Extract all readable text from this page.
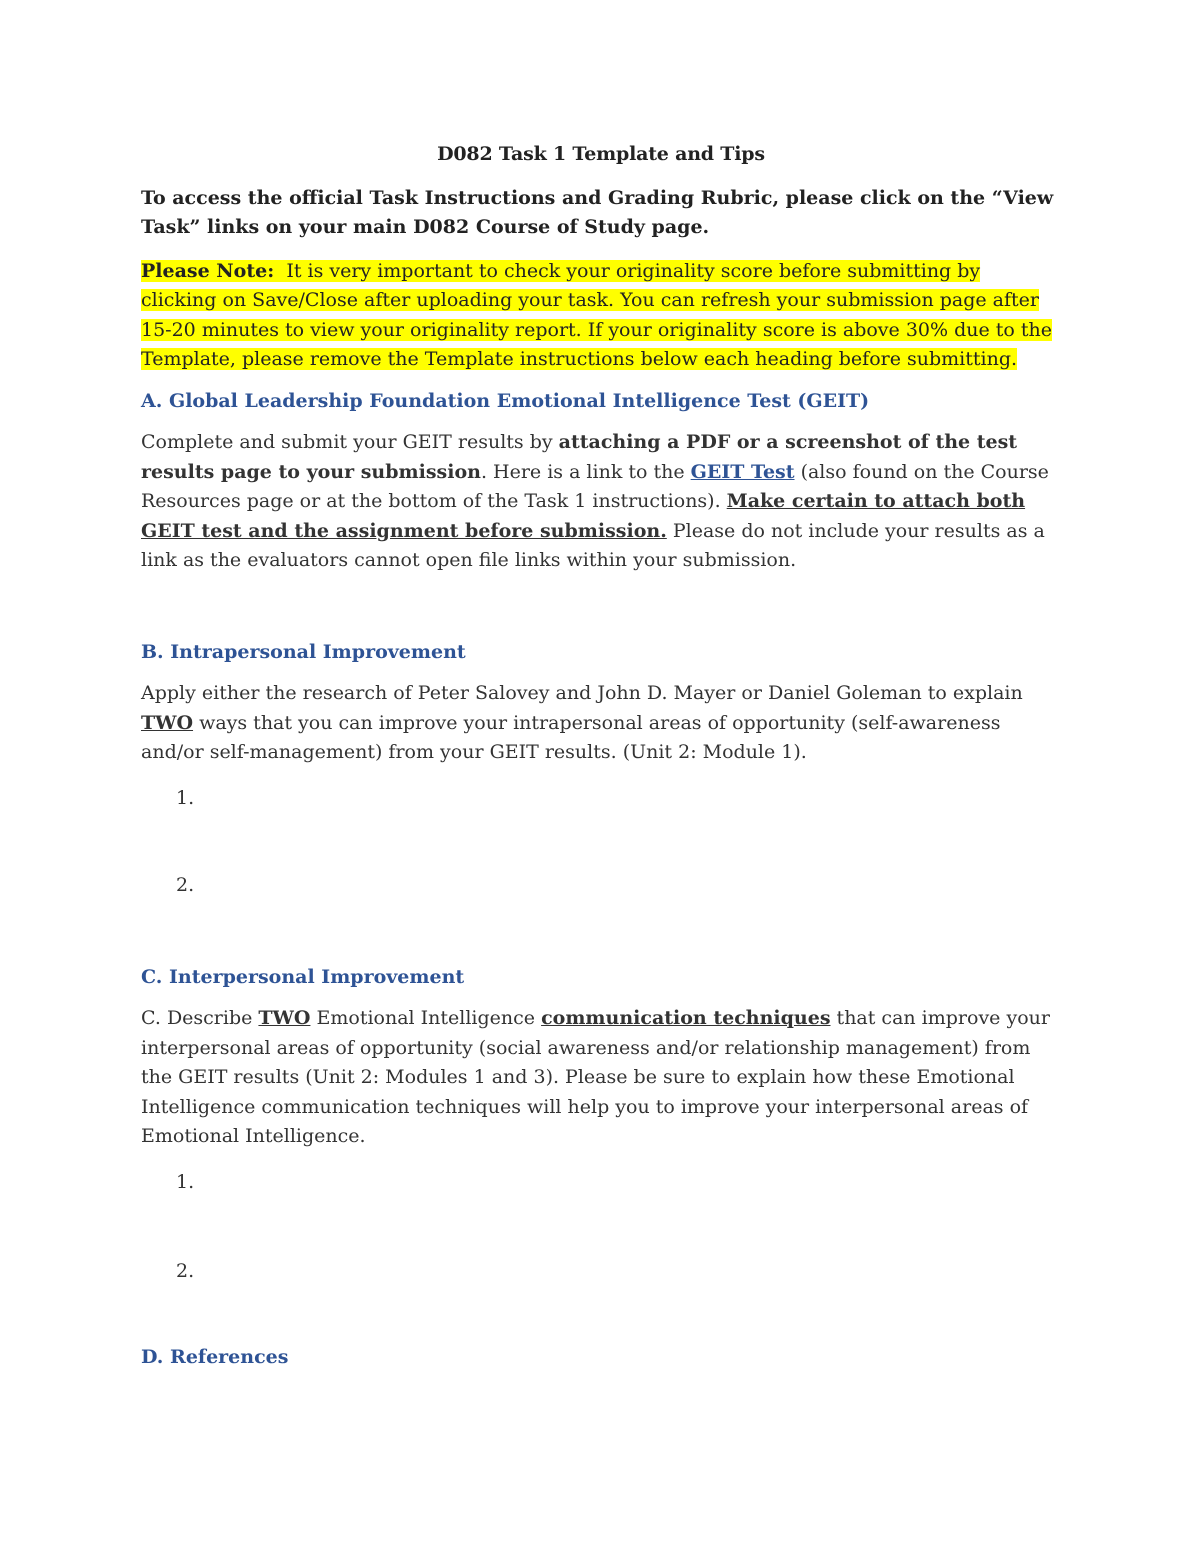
D082 Task 1 Template and Tips

To access the official Task Instructions and Grading Rubric, please click on the “View Task” links on your main D082 Course of Study page.

Please Note: It is very important to check your originality score before submitting by clicking on Save/Close after uploading your task. You can refresh your submission page after 15-20 minutes to view your originality report. If your originality score is above 30% due to the Template, please remove the Template instructions below each heading before submitting.

A. Global Leadership Foundation Emotional Intelligence Test (GEIT)

Complete and submit your GEIT results by attaching a PDF or a screenshot of the test results page to your submission. Here is a link to the GEIT Test (also found on the Course Resources page or at the bottom of the Task 1 instructions). Make certain to attach both GEIT test and the assignment before submission. Please do not include your results as a link as the evaluators cannot open file links within your submission.

B. Intrapersonal Improvement

Apply either the research of Peter Salovey and John D. Mayer or Daniel Goleman to explain TWO ways that you can improve your intrapersonal areas of opportunity (self-awareness and/or self-management) from your GEIT results. (Unit 2: Module 1).

1.

2.

C. Interpersonal Improvement

C. Describe TWO Emotional Intelligence communication techniques that can improve your interpersonal areas of opportunity (social awareness and/or relationship management) from the GEIT results (Unit 2: Modules 1 and 3). Please be sure to explain how these Emotional Intelligence communication techniques will help you to improve your interpersonal areas of Emotional Intelligence.

1.

2.

D. References
